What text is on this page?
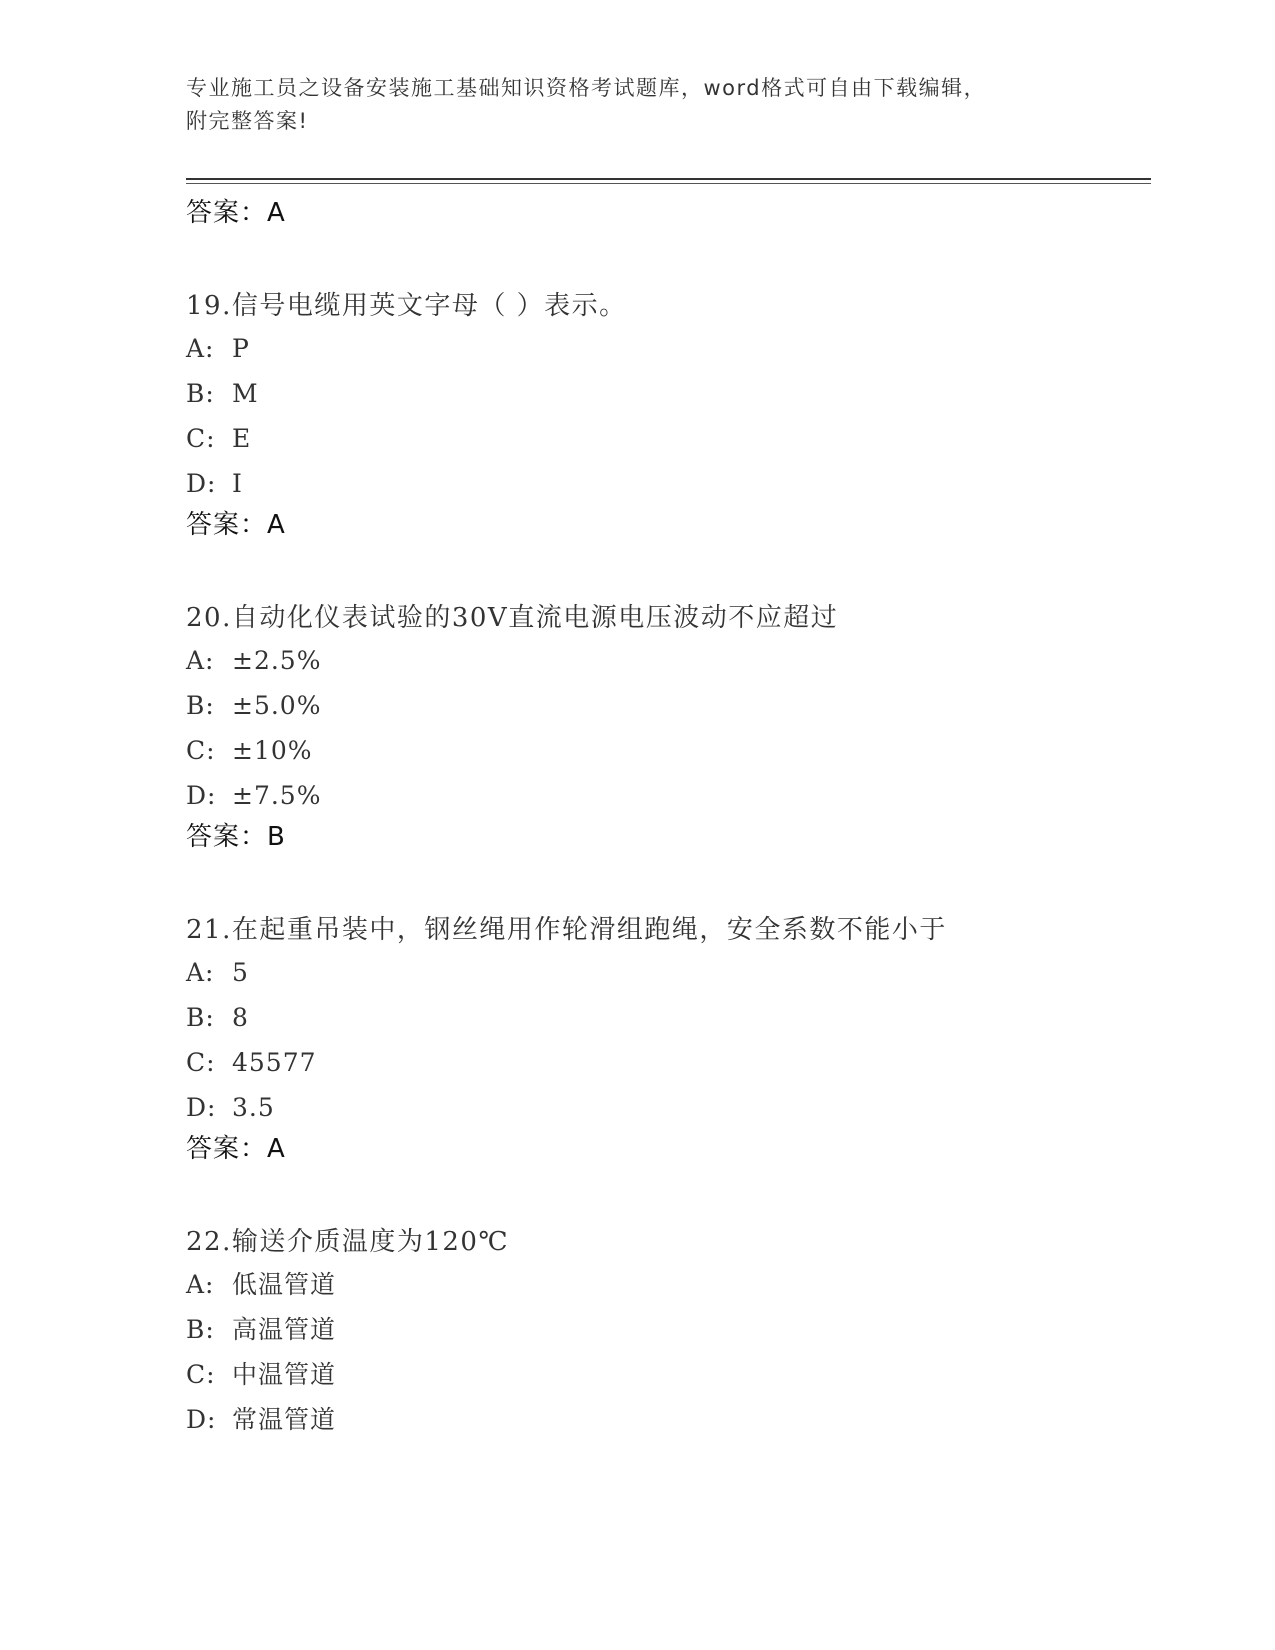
专业施工员之设备安装施工基础知识资格考试题库，word格式可自由下载编辑，
附完整答案!
答案：A
19.信号电缆用英文字母（ ）表示。
A: P
B: M
C: E
D: I
答案：A
20.自动化仪表试验的30V直流电源电压波动不应超过
A: ±2.5%
B: ±5.0%
C: ±10%
D: ±7.5%
答案：B
21.在起重吊装中，钢丝绳用作轮滑组跑绳，安全系数不能小于
A: 5
B: 8
C: 45577
D: 3.5
答案：A
22.输送介质温度为120℃
A: 低温管道
B: 高温管道
C: 中温管道
D: 常温管道
